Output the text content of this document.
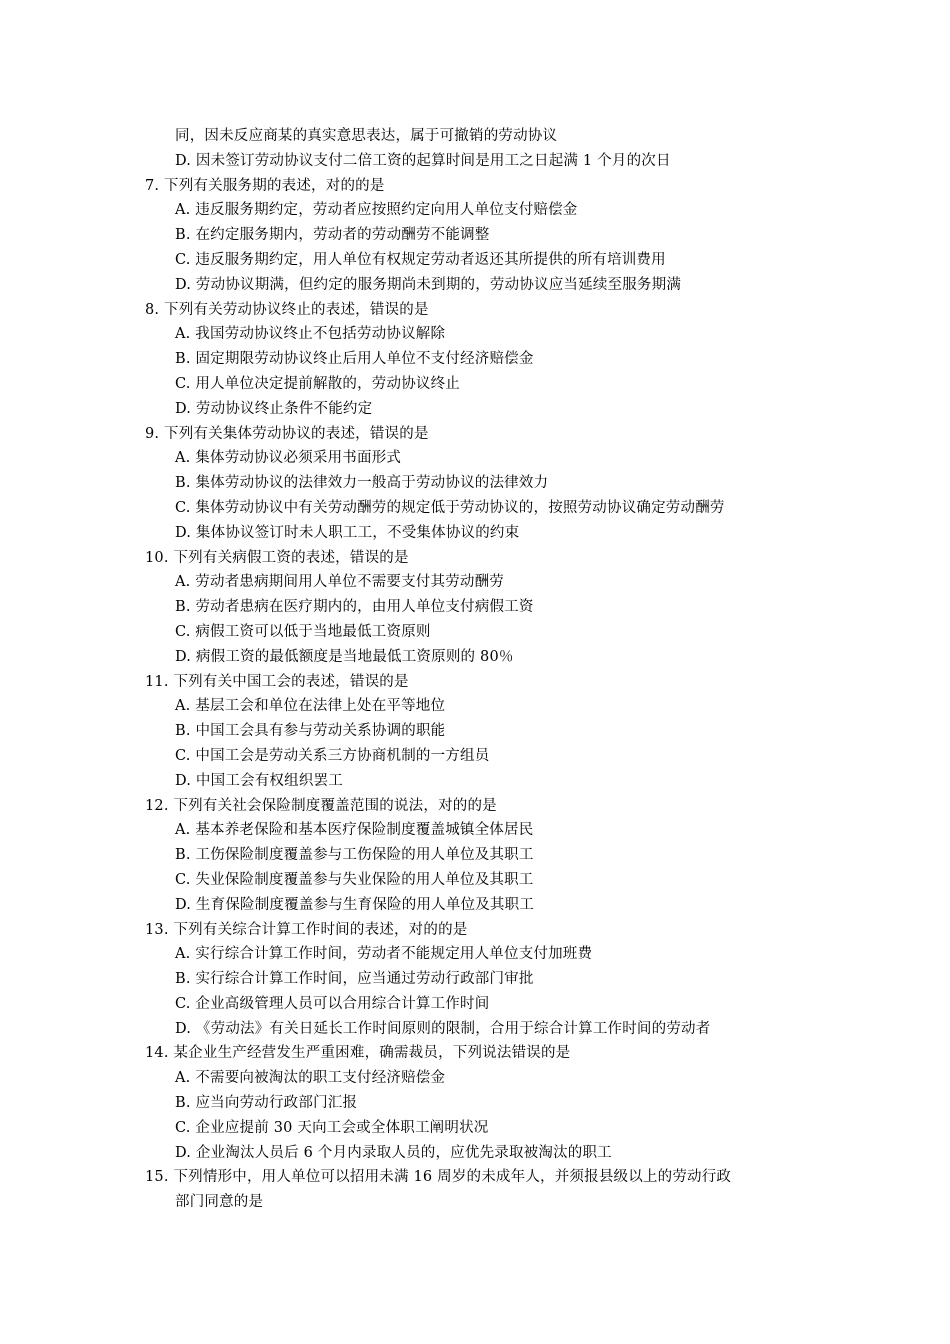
同，因未反应商某的真实意思表达，属于可撤销的劳动协议
D. 因未签订劳动协议支付二倍工资的起算时间是用工之日起满 1 个月的次日
7. 下列有关服务期的表述，对的的是
A. 违反服务期约定，劳动者应按照约定向用人单位支付赔偿金
B. 在约定服务期内，劳动者的劳动酬劳不能调整
C. 违反服务期约定，用人单位有权规定劳动者返还其所提供的所有培训费用
D. 劳动协议期满，但约定的服务期尚未到期的，劳动协议应当延续至服务期满
8. 下列有关劳动协议终止的表述，错误的是
A. 我国劳动协议终止不包括劳动协议解除
B. 固定期限劳动协议终止后用人单位不支付经济赔偿金
C. 用人单位决定提前解散的，劳动协议终止
D. 劳动协议终止条件不能约定
9. 下列有关集体劳动协议的表述，错误的是
A. 集体劳动协议必须采用书面形式
B. 集体劳动协议的法律效力一般高于劳动协议的法律效力
C. 集体劳动协议中有关劳动酬劳的规定低于劳动协议的，按照劳动协议确定劳动酬劳
D. 集体协议签订时未人职工工，不受集体协议的约束
10. 下列有关病假工资的表述，错误的是
A. 劳动者患病期间用人单位不需要支付其劳动酬劳
B. 劳动者患病在医疗期内的，由用人单位支付病假工资
C. 病假工资可以低于当地最低工资原则
D. 病假工资的最低额度是当地最低工资原则的 80％
11. 下列有关中国工会的表述，错误的是
A. 基层工会和单位在法律上处在平等地位
B. 中国工会具有参与劳动关系协调的职能
C. 中国工会是劳动关系三方协商机制的一方组员
D. 中国工会有权组织罢工
12. 下列有关社会保险制度覆盖范围的说法，对的的是
A. 基本养老保险和基本医疗保险制度覆盖城镇全体居民
B. 工伤保险制度覆盖参与工伤保险的用人单位及其职工
C. 失业保险制度覆盖参与失业保险的用人单位及其职工
D. 生育保险制度覆盖参与生育保险的用人单位及其职工
13. 下列有关综合计算工作时间的表述，对的的是
A. 实行综合计算工作时间，劳动者不能规定用人单位支付加班费
B. 实行综合计算工作时间，应当通过劳动行政部门审批
C. 企业高级管理人员可以合用综合计算工作时间
D. 《劳动法》有关日延长工作时间原则的限制，合用于综合计算工作时间的劳动者
14. 某企业生产经营发生严重困难，确需裁员，下列说法错误的是
A. 不需要向被淘汰的职工支付经济赔偿金
B. 应当向劳动行政部门汇报
C. 企业应提前 30 天向工会或全体职工阐明状况
D. 企业淘汰人员后 6 个月内录取人员的，应优先录取被淘汰的职工
15. 下列情形中，用人单位可以招用未满 16 周岁的未成年人，并须报县级以上的劳动行政
部门同意的是
